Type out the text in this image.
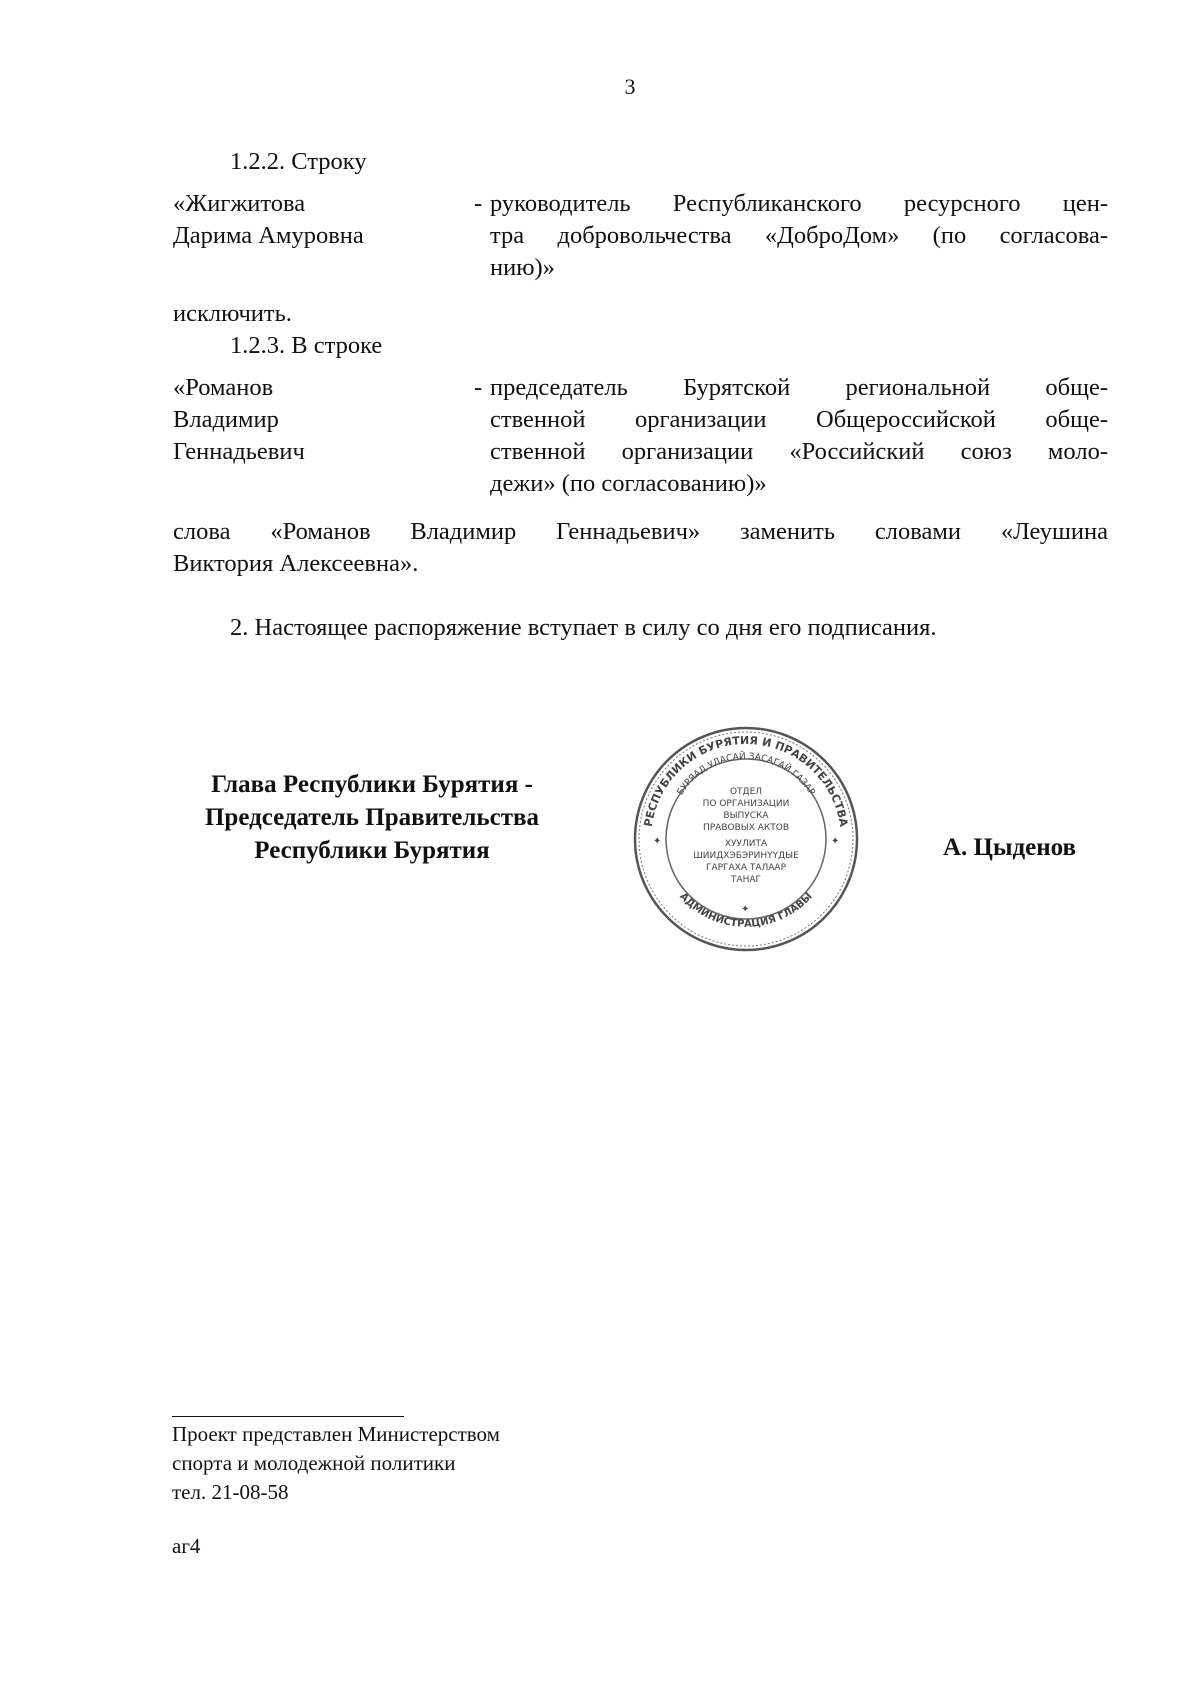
3
1.2.2. Строку
«Жигжитова
Дарима Амуровна
- руководитель Республиканского ресурсного цен-
тра добровольчества «ДоброДом» (по согласова-
нию)»
исключить.
1.2.3. В строке
«Романов
Владимир
Геннадьевич
- председатель Бурятской региональной обще-
ственной организации Общероссийской обще-
ственной организации «Российский союз моло-
дежи» (по согласованию)»
слова «Романов Владимир Геннадьевич» заменить словами «Леушина
Виктория Алексеевна».
2. Настоящее распоряжение вступает в силу со дня его подписания.
Глава Республики Бурятия -
Председатель Правительства
Республики Бурятия
РЕСПУБЛИКИ БУРЯТИЯ И ПРАВИТЕЛЬСТВА
АДМИНИСТРАЦИЯ ГЛАВЫ
БУРЯАД УЛАСАЙ ЗАСАГАЙ ГАЗАР
ОТДЕЛ
ПО ОРГАНИЗАЦИИ
ВЫПУСКА
ПРАВОВЫХ АКТОВ
ХУУЛИТА
ШИИДХЭБЭРИНҮҮДЫЕ
ГАРГАХА ТАЛААР
ТАНАГ
✦	✦
✦
А. Цыденов
Проект представлен Министерством
спорта и молодежной политики
тел. 21-08-58
аг4
